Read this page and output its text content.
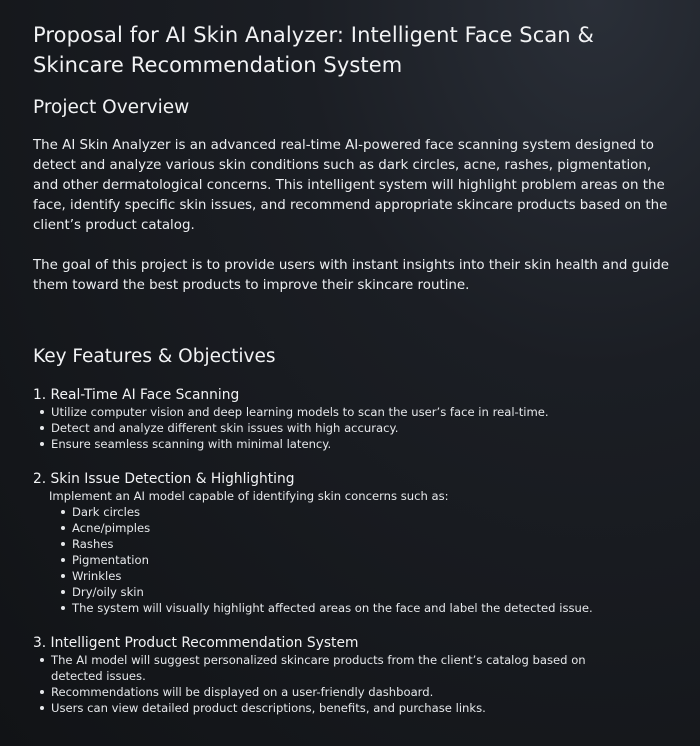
Proposal for AI Skin Analyzer: Intelligent Face Scan & Skincare Recommendation System
Project Overview

The AI Skin Analyzer is an advanced real-time AI-powered face scanning system designed to detect and analyze various skin conditions such as dark circles, acne, rashes, pigmentation, and other dermatological concerns. This intelligent system will highlight problem areas on the face, identify specific skin issues, and recommend appropriate skincare products based on the client’s product catalog.

The goal of this project is to provide users with instant insights into their skin health and guide them toward the best products to improve their skincare routine.

Key Features & Objectives
1. Real-Time AI Face Scanning
Utilize computer vision and deep learning models to scan the user’s face in real-time.
Detect and analyze different skin issues with high accuracy.
Ensure seamless scanning with minimal latency.
2. Skin Issue Detection & Highlighting

Implement an AI model capable of identifying skin concerns such as:

Dark circles
Acne/pimples
Rashes
Pigmentation
Wrinkles
Dry/oily skin
The system will visually highlight affected areas on the face and label the detected issue.
3. Intelligent Product Recommendation System
The AI model will suggest personalized skincare products from the client’s catalog based on detected issues.
Recommendations will be displayed on a user-friendly dashboard.
Users can view detailed product descriptions, benefits, and purchase links.
